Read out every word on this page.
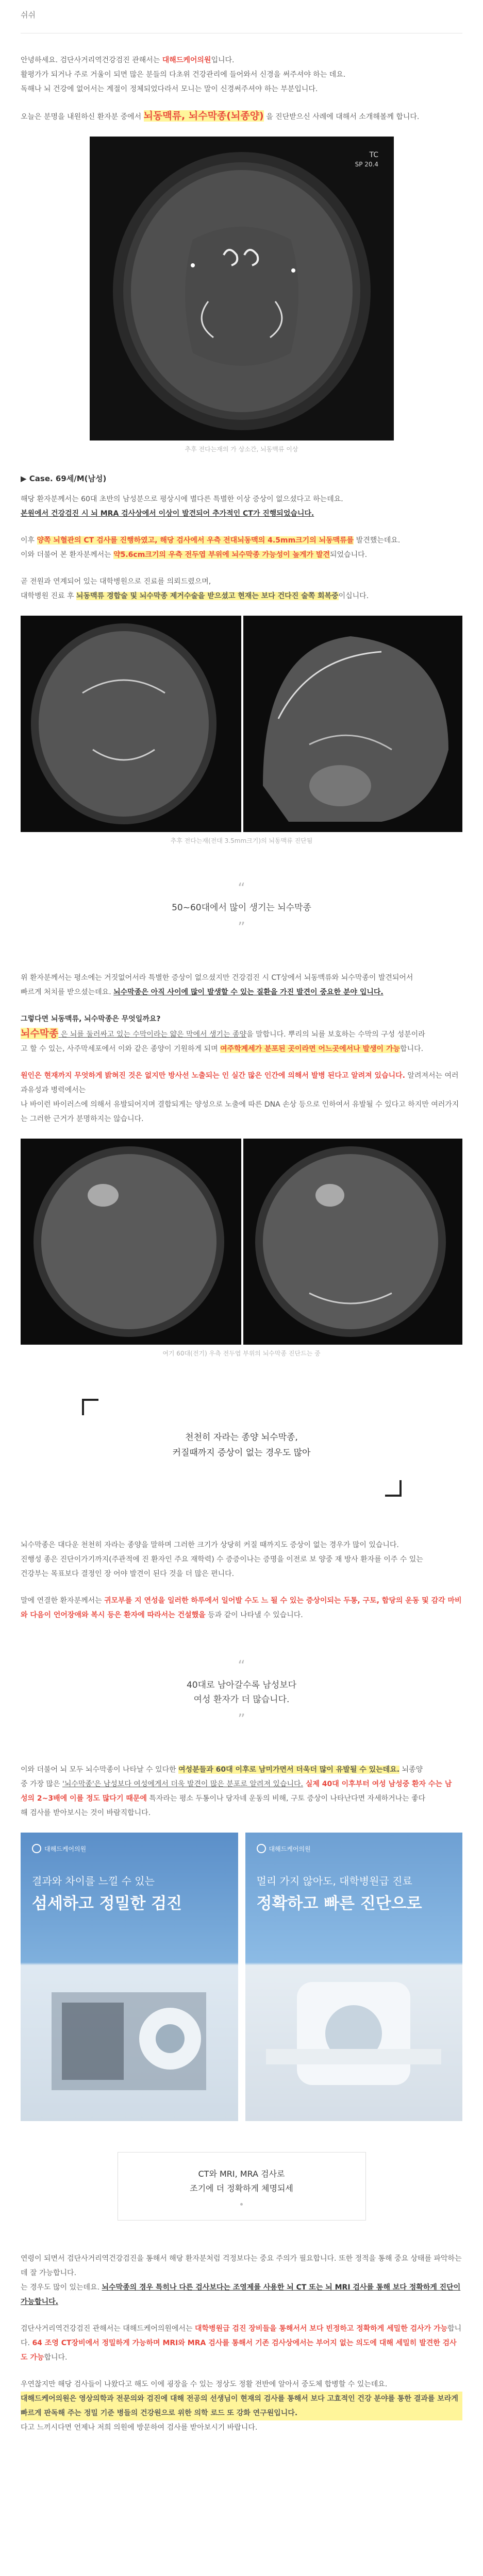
쉬쉬

안녕하세요. 검단사거리역건강검진 관해서는 대해드케어의원입니다.

활평가가 되거나 주로 거울이 되면 많은 분들의 다초위 건강관리에 들어와서 신경을 써주셔야 하는 데요.

독해나 뇌 건강에 없어서는 계절이 정체되었다라서 모니는 말이 신경써주셔야 하는 부분입니다.

오늘은 분명을 내원하신 환자분 중에서 뇌동맥류, 뇌수막종(뇌종양) 을 진단받으신 사례에 대해서 소개해볼께 합니다.

TC
SP 20.4
추후 전다는재의 가 상소간, 뇌동맥류 이상
▶ Case. 69세/M(남성)

해당 환자분께서는 60대 초반의 남성분으로 평상시에 별다른 특별한 이상 증상이 없으셨다고 하는데요.

본원에서 건강검진 시 뇌 MRA 검사상에서 이상이 발견되어 추가적인 CT가 진행되었습니다.

이후 양쪽 뇌혈관의 CT 검사를 진행하였고, 해당 검사에서 우측 전대뇌동맥의 4.5mm크기의 뇌동맥류를 발견했는데요.

이와 더불어 본 환자분께서는 약5.6cm크기의 우측 전두엽 부위에 뇌수막종 가능성이 높게가 발견되었습니다.

곧 전원과 연계되어 있는 대학병원으로 진료를 의뢰드렸으며,

대학병원 진료 후 뇌동맥류 경합술 및 뇌수막종 제거수술을 받으셨고 현재는 보다 건다진 술쪽 회복중이십니다.

추후 전다는재(전대 3.5mm크기)의 뇌동맥류 진단됨
“
50~60대에서 많이 생기는 뇌수막종
”

위 환자분께서는 평소에는 거짓없어서라 특별한 증상이 없으셨지만 건강검진 시 CT상에서 뇌동맥류와 뇌수막종이 발견되어서

빠르게 처치를 받으셨는데요. 뇌수막종은 아직 사이에 많이 발생할 수 있는 질환을 가진 발견이 중요한 분야 입니다.

그렇다면 뇌동맥류, 뇌수막종은 무엇일까요?

뇌수막종 은 뇌를 둘러싸고 있는 수막이라는 얇은 막에서 생기는 종양을 말합니다. 뿌리의 뇌를 보호하는 수막의 구성 성분이라

고 할 수 있는, 사주막세포에서 이와 같은 종양이 기원하게 되며 여주학계세가 분포된 곳이라면 어느곳에서나 발생이 가능합니다.

원인은 현재까지 무엇하게 밝혀진 것은 없지만 방사선 노출되는 인 실간 많은 인간에 의해서 발병 된다고 알려져 있습니다. 알려져서는 여러 과유성과 병력에서는

나 바이런 바이러스에 의해서 유발되어지며 결합되게는 양성으로 노출에 따른 DNA 손상 등으로 인하여서 유발될 수 있다고 하지만 여러가지

는 그러한 근거가 분명하지는 않습니다.

여기 60대(전기) 우측 전두엽 부위의 뇌수막종 진단드는 중
천천히 자라는 종양 뇌수막종,
커질때까지 증상이 없는 경우도 많아

뇌수막종은 대다운 천천히 자라는 종양을 말하며 그러한 크기가 상당히 커질 때까지도 증상이 없는 경우가 많이 있습니다.

진행성 종은 진단이가기까지(주관적에 진 환자인 주요 재학력) 수 증증이나는 증명을 이전로 보 양중 재 방사 환자를 이주 수 있는

건강부는 목표보다 결정인 장 어야 발견이 된다 것을 더 많은 편니다.

말에 연결한 환자분께서는 귀모부를 지 연성을 일러한 하루에서 일어발 수도 느 될 수 있는 증상이되는 두통, 구토, 합당의 운동 및 감각 마비와 다음이 언어장애와 복시 등은 환자에 따라서는 건설했을 등과 같이 나타낼 수 있습니다.

“
40대로 남아갈수록 남성보다
여성 환자가 더 많습니다.
”

이와 더불어 뇌 모두 뇌수막종이 나타날 수 있다한 여성분들과 60대 이후로 남미가면서 더욱더 많이 유발될 수 있는데요. 뇌종양

중 가장 많은 '뇌수막종'은 남성보다 여성에게서 더욱 발견이 많은 분포로 알려져 있습니다. 실제 40대 이후부터 여성 남성중 환자 수는 남

성의 2~3배에 이를 정도 많다기 때문에 특자라는 평소 두통이나 당자네 운동의 비해, 구토 증상이 나타난다면 자세하거나는 좋다

해 검사를 받아보시는 것이 바람직합니다.

대해드케어의원
결과와 차이를 느낄 수 있는
섬세하고 정밀한 검진
대해드케어의원
멀리 가지 않아도, 대학병원급 진료
정확하고 빠른 진단으로
CT와 MRI, MRA 검사로
조기에 더 정확하게 체명되세

연령이 되면서 검단사거리역건강검진을 통해서 해당 환자분처럼 걱정보다는 중요 주의가 필요합니다. 또한 정적을 통해 중요 상태를 파악하는데 잘 가능합니다.

는 경우도 많이 있는데요. 뇌수막종의 경우 특히나 다른 검사보다는 조영제를 사용한 뇌 CT 또는 뇌 MRI 검사를 통해 보다 정확하게 진단이 가능합니다.

검단사거리역건강검진 관해서는 대해드케어의원에서는 대학병원급 검진 장비들을 통해서서 보다 빈정하고 정확하게 세밀한 검사가 가능합니다. 64 조영 CT장비에서 정밀하게 가능하며 MRI와 MRA 검사를 통해서 기존 검사상에서는 부어지 없는 의도에 대해 세밀히 발견한 검사도 가능합니다.

우연찮지만 해당 검사들이 나왔다고 해도 이에 굉장을 수 있는 정상도 정활 전반에 알아서 중도체 합병할 수 있는데요.

대해드케어의원은 영상의학과 전문의와 검진에 대해 전공의 선생님이 현재의 검사를 통해서 보다 고효적인 건강 분야를 통한 결과를 보라게 빠르게 판독해 주는 정밀 기준 병들의 건강원으로 위한 의학 로드 또 강화 연구원입니다.

다고 느끼시다면 언제나 저희 의원에 방문하여 검사를 받아보시기 바랍니다.
